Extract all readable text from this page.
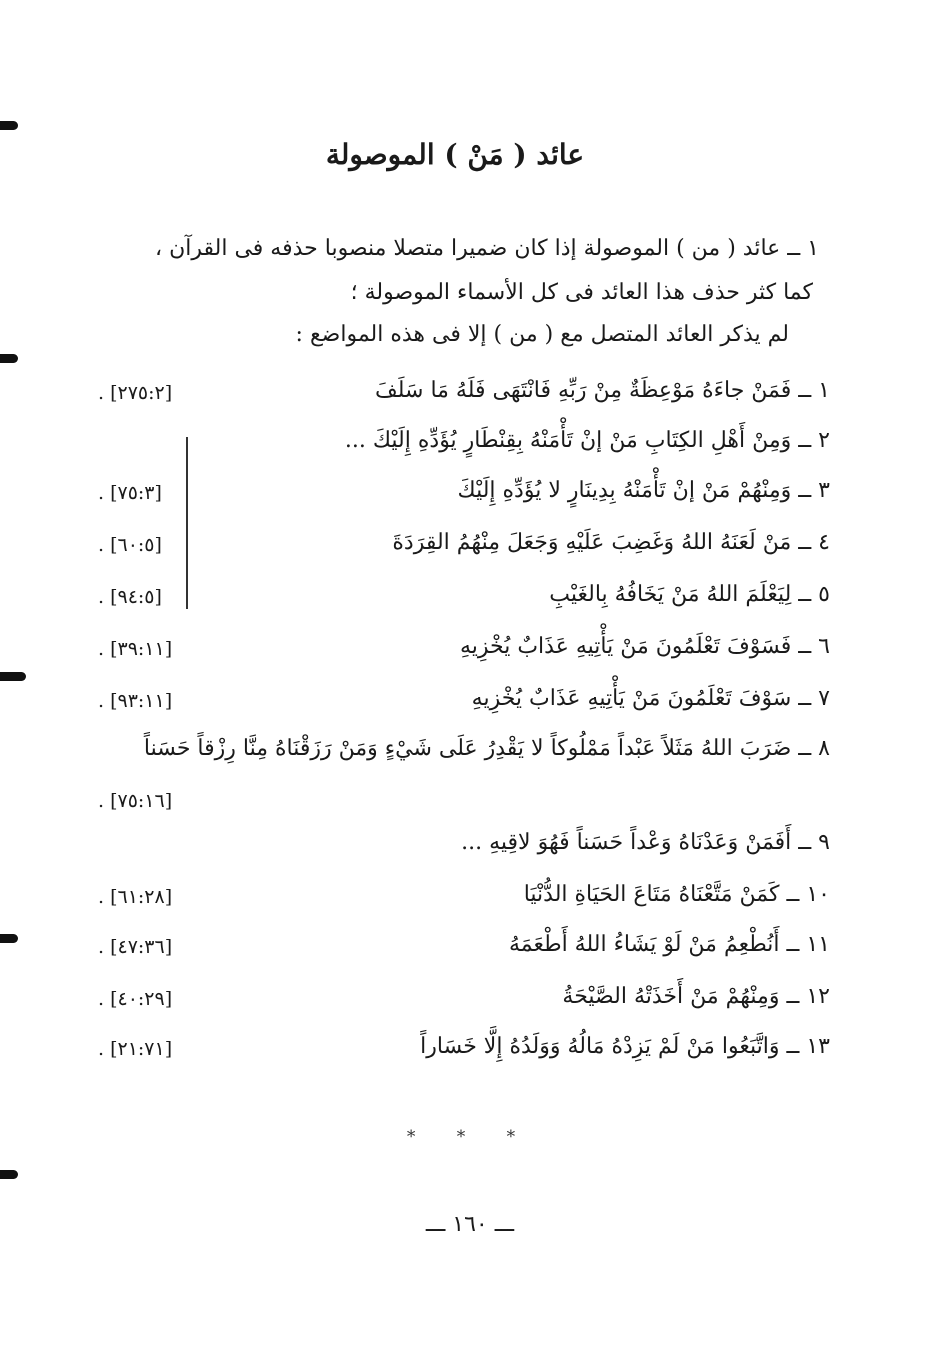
عائد ( مَنْ ) الموصولة
١ ــ عائد ( من ) الموصولة إذا كان ضميرا متصلا منصوبا حذفه فى القرآن ،
كما كثر حذف هذا العائد فى كل الأسماء الموصولة ؛
لم يذكر العائد المتصل مع ( من ) إلا فى هذه المواضع :
١ ــ فَمَنْ جاءَهُ مَوْعِظَةٌ مِنْ رَبِّهِ فَانْتَهَى فَلَهُ مَا سَلَفَ
. [٢٧٥:٢]
٢ ــ وَمِنْ أَهْلِ الكِتَابِ مَنْ إنْ تَأْمَنْهُ بِقِنْطَارٍ يُؤَدِّهِ إِلَيْكَ ...
٣ ــ وَمِنْهُمْ مَنْ إنْ تَأْمَنْهُ بِدِينَارٍ لا يُؤَدِّهِ إِلَيْكَ
. [٧٥:٣]
٤ ــ مَنْ لَعَنَهُ اللهُ وَغَضِبَ عَلَيْهِ وَجَعَلَ مِنْهُمُ القِرَدَةَ
. [٦٠:٥]
٥ ــ لِيَعْلَمَ اللهُ مَنْ يَخَافُهُ بِالغَيْبِ
. [٩٤:٥]
٦ ــ فَسَوْفَ تَعْلَمُونَ مَنْ يَأْتِيهِ عَذَابٌ يُخْزِيهِ
. [٣٩:١١]
٧ ــ سَوْفَ تَعْلَمُونَ مَنْ يَأْتِيهِ عَذَابٌ يُخْزِيهِ
. [٩٣:١١]
٨ ــ ضَرَبَ اللهُ مَثَلاً عَبْداً مَمْلُوكاً لا يَقْدِرُ عَلَى شَيْءٍ وَمَنْ رَزَقْنَاهُ مِنَّا رِزْقاً حَسَناً
. [٧٥:١٦]
٩ ــ أَفَمَنْ وَعَدْنَاهُ وَعْداً حَسَناً فَهُوَ لاقِيهِ ...
١٠ ــ كَمَنْ مَتَّعْنَاهُ مَتَاعَ الحَيَاةِ الدُّنْيَا
. [٦١:٢٨]
١١ ــ أَنُطْعِمُ مَنْ لَوْ يَشَاءُ اللهُ أَطْعَمَهُ
. [٤٧:٣٦]
١٢ ــ وَمِنْهُمْ مَنْ أَخَذَتْهُ الصَّيْحَةُ
. [٤٠:٢٩]
١٣ ــ وَاتَّبَعُوا مَنْ لَمْ يَزِدْهُ مَالُهُ وَوَلَدُهُ إِلَّا خَسَاراً
. [٢١:٧١]
* * *
ـــ ١٦٠ ـــ
